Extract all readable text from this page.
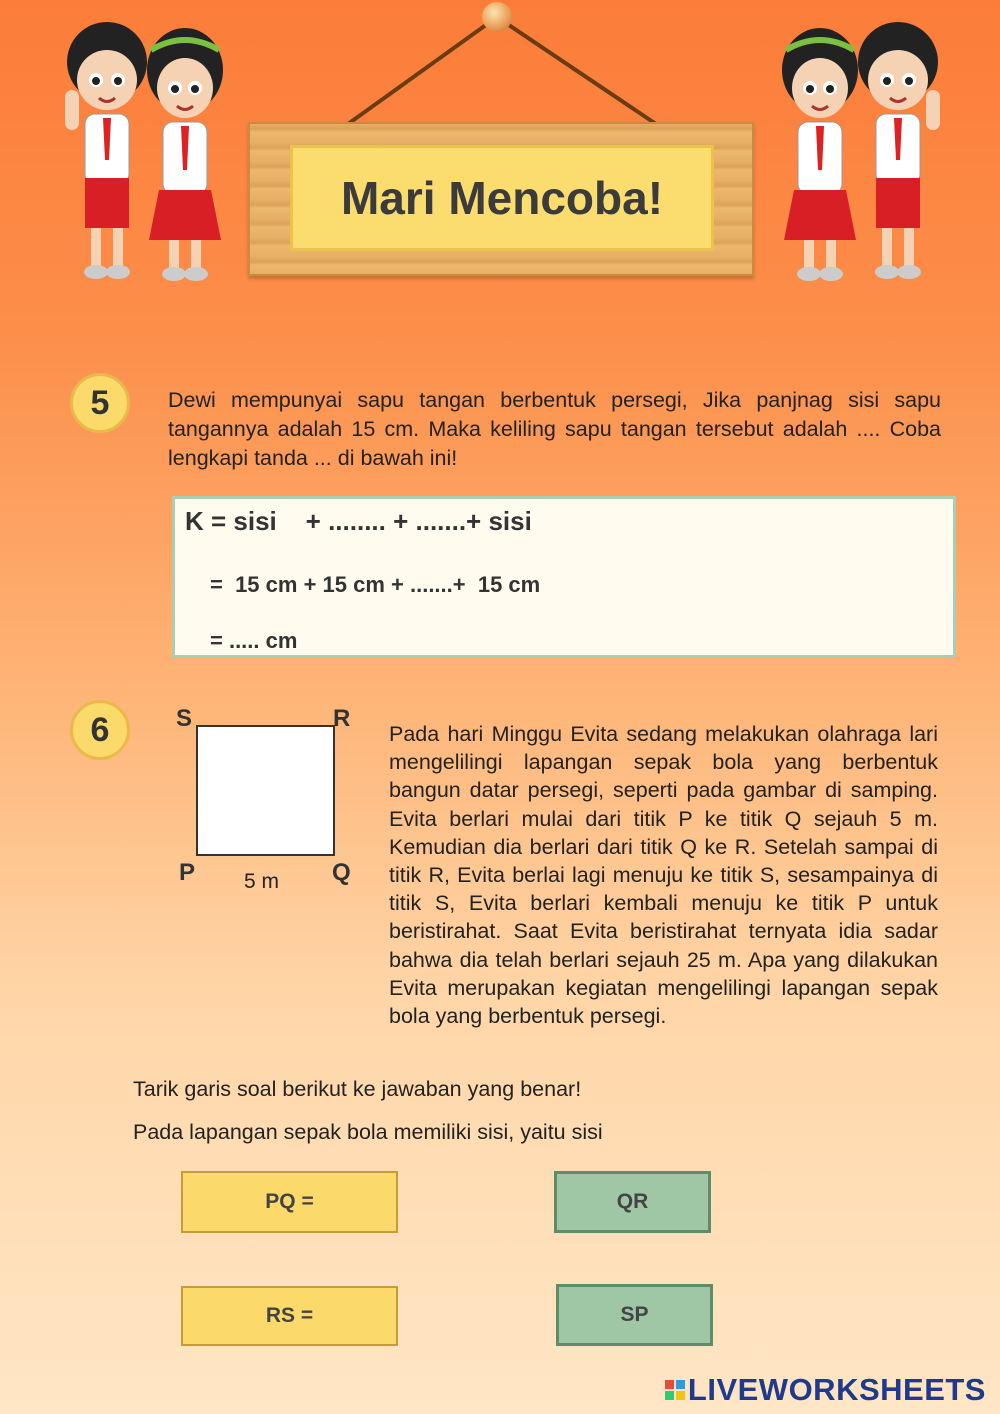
Mari Mencoba!
5	Dewi mempunyai sapu tangan berbentuk persegi, Jika panjnag sisi sapu tangannya adalah 15 cm. Maka keliling sapu tangan tersebut adalah .... Coba lengkapi tanda ... di bawah ini!
K = sisi    + ........ + .......+ sisi
=  15 cm + 15 cm + .......+  15 cm
= ..... cm
6	S	R
P	Q
5 m
Pada hari Minggu Evita sedang melakukan olahraga lari mengelilingi lapangan sepak bola yang berbentuk bangun datar persegi, seperti pada gambar di samping. Evita berlari mulai dari titik P ke titik Q sejauh 5 m. Kemudian dia berlari dari titik Q ke R. Setelah sampai di titik R, Evita berlai lagi menuju ke titik S, sesampainya di titik S, Evita berlari kembali menuju ke titik P untuk beristirahat. Saat Evita beristirahat ternyata idia sadar bahwa dia telah berlari sejauh 25 m. Apa yang dilakukan Evita merupakan kegiatan mengelilingi lapangan sepak bola yang berbentuk persegi.
Tarik garis soal berikut ke jawaban yang benar!
Pada lapangan sepak bola memiliki sisi, yaitu sisi
PQ =
RS =
QR
SP
LIVEWORKSHEETS
